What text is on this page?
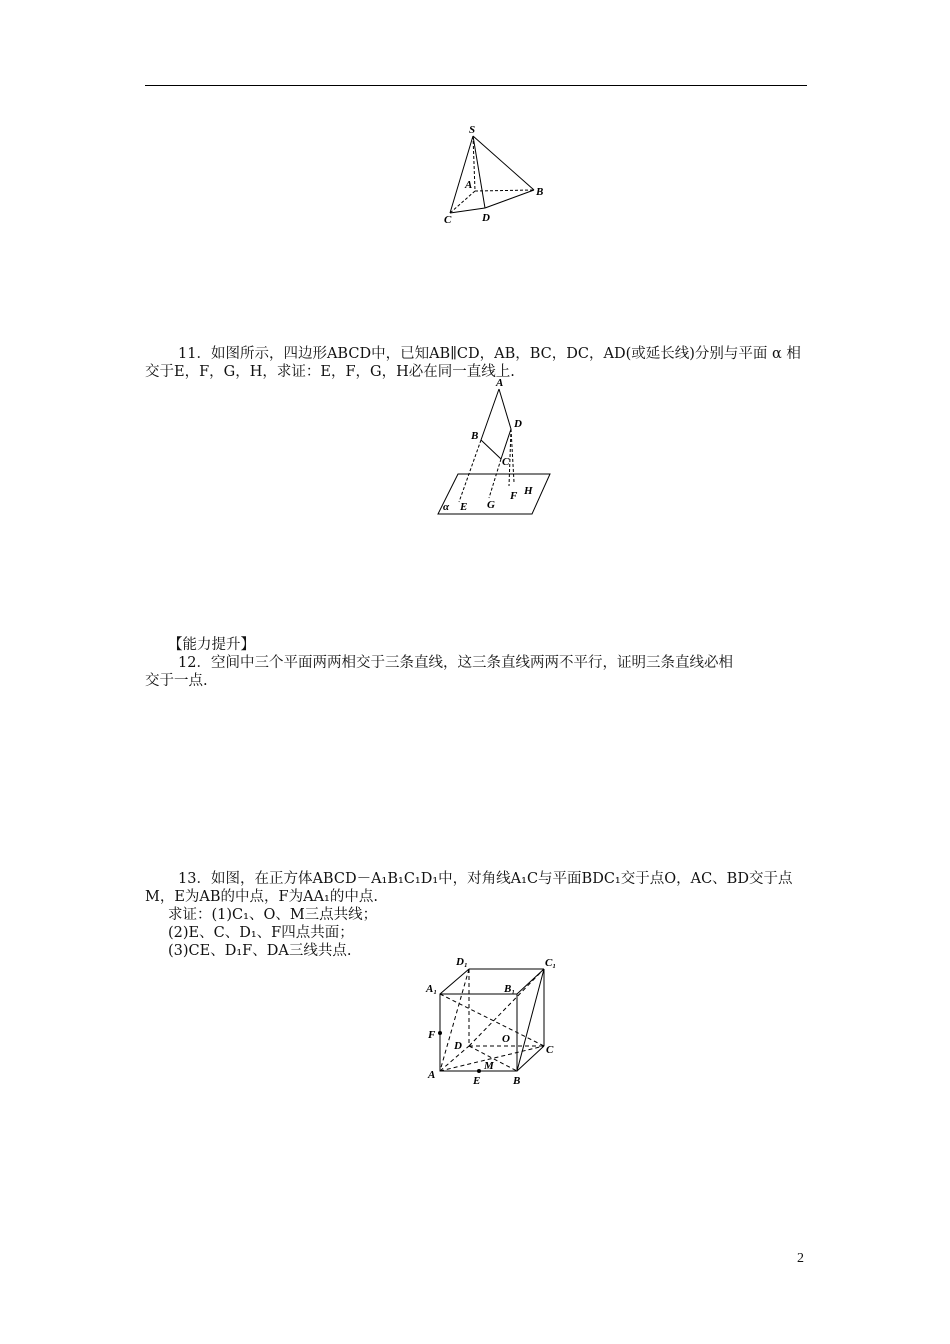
S
A
B
C	D
11．如图所示，四边形ABCD中，已知AB∥CD，AB，BC，DC，AD(或延长线)分别与平面 α 相
交于E，F，G，H，求证：E，F，G，H必在同一直线上.
A
B
C
D
E
F
G
H
α
【能力提升】
12．空间中三个平面两两相交于三条直线，这三条直线两两不平行，证明三条直线必相
交于一点.
13．如图，在正方体ABCD－A₁B₁C₁D₁中，对角线A₁C与平面BDC₁交于点O，AC、BD交于点
M，E为AB的中点，F为AA₁的中点.
求证：(1)C₁、O、M三点共线；
(2)E、C、D₁、F四点共面；
(3)CE、D₁F、DA三线共点.
D₁	C₁
A₁	B₁
F	O
D	C
A
M
E	B
2
